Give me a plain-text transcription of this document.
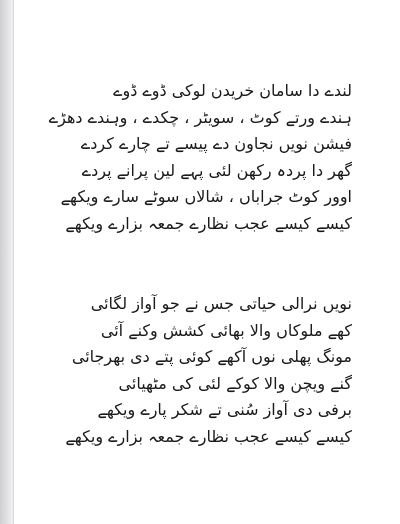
لندے دا سامان خریدن لوکی ڈوے ڈوے
ہندے ورتے کوٹ ، سویٹر ، چکدے ، وہندے دھڑے
فیشن نویں نجاون دے پیسے تے چارے کردے
گھر دا پردہ رکھن لئی پہے لین پرانے پردے
اوور کوٹ جراباں ، شالاں سوٹے سارے ویکھے
کیسے کیسے عجب نظارے جمعہ بزارے ویکھے
نویں نرالی حیاتی جس نے جو آواز لگائی
کھے ملوکاں والا بھائی کشش وکنے آئی
مونگ پھلی نوں آکھے کوئی پتے دی بھرجائی
گنے ویچن والا کوکے لئی کی مٹھیائی
برفی دی آواز سُنی تے شکر پارے ویکھے
کیسے کیسے عجب نظارے جمعہ بزارے ویکھے
